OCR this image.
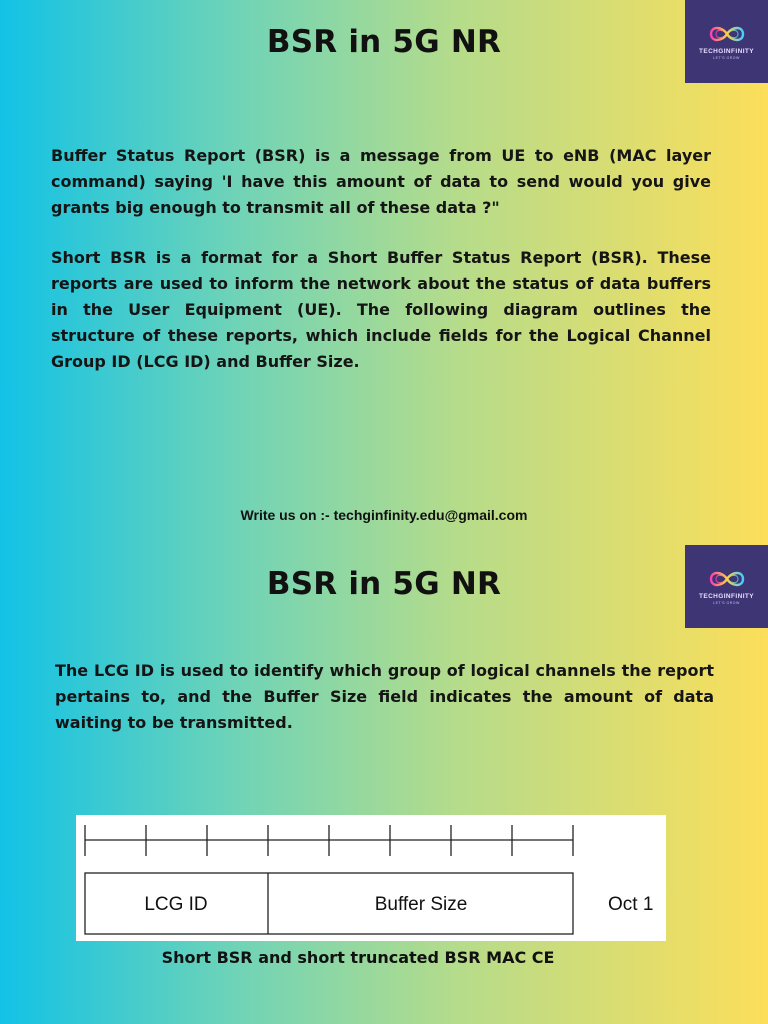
BSR in 5G NR	TECHGINFINITY
LET'S GROW
Buffer Status Report (BSR) is a message from UE to eNB (MAC layer command) saying 'I have this amount of data to send would you give grants big enough to transmit all of these data ?"
Short BSR is a format for a Short Buffer Status Report (BSR). These reports are used to inform the network about the status of data buffers in the User Equipment (UE). The following diagram outlines the structure of these reports, which include fields for the Logical Channel Group ID (LCG ID) and Buffer Size.
Write us on :- techginfinity.edu@gmail.com
BSR in 5G NR	TECHGINFINITY
LET'S GROW
The LCG ID is used to identify which group of logical channels the report pertains to, and the Buffer Size field indicates the amount of data waiting to be transmitted.
LCG ID	Buffer Size	Oct 1
Short BSR and short truncated BSR MAC CE
